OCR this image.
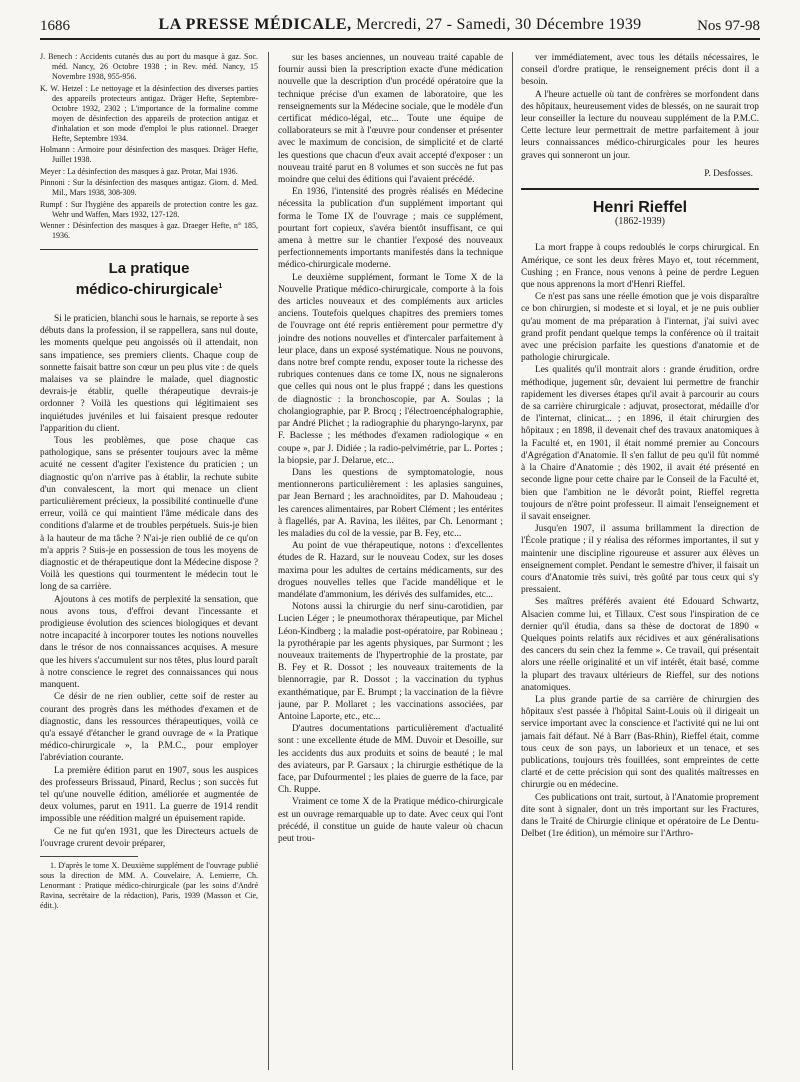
1686	LA PRESSE MÉDICALE, Mercredi, 27 - Samedi, 30 Décembre 1939	Nos 97-98

J. Benech : Accidents cutanés dus au port du masque à gaz. Soc. méd. Nancy, 26 Octobre 1938 ; in Rev. méd. Nancy, 15 Novembre 1938, 955-956.

K. W. Hetzel : Le nettoyage et la désinfection des diverses parties des appareils protecteurs antigaz. Dräger Hefte, Septembre-Octobre 1932, 2302 ; L'importance de la formaline comme moyen de désinfection des appareils de protection antigaz et d'inhalation et son mode d'emploi le plus rationnel. Draeger Hefte, Septembre 1934.

Holmann : Armoire pour désinfection des masques. Dräger Hefte, Juillet 1938.

Meyer : La désinfection des masques à gaz. Protar, Mai 1936.

Pinnoni : Sur la désinfection des masques antigaz. Giorn. d. Med. Mil., Mars 1938, 308-309.

Rumpf : Sur l'hygiène des appareils de protection contre les gaz. Wehr und Waffen, Mars 1932, 127-128.

Wenner : Désinfection des masques à gaz. Draeger Hefte, n° 185, 1936.

La pratique
médico-chirurgicale$^1$

Si le praticien, blanchi sous le harnais, se reporte à ses débuts dans la profession, il se rappellera, sans nul doute, les moments quelque peu angoissés où il attendait, non sans impatience, ses premiers clients. Chaque coup de sonnette faisait battre son cœur un peu plus vite : de quels malaises va se plaindre le malade, quel diagnostic devrais-je établir, quelle thérapeutique devrais-je ordonner ? Voilà les questions qui légitimaient ses inquiétudes juvéniles et lui faisaient presque redouter l'apparition du client.

Tous les problèmes, que pose chaque cas pathologique, sans se présenter toujours avec la même acuité ne cessent d'agiter l'existence du praticien ; un diagnostic qu'on n'arrive pas à établir, la rechute subite d'un convalescent, la mort qui menace un client particulièrement précieux, la possibilité continuelle d'une erreur, voilà ce qui maintient l'âme médicale dans des conditions d'alarme et de troubles perpétuels. Suis-je bien à la hauteur de ma tâche ? N'ai-je rien oublié de ce qu'on m'a appris ? Suis-je en possession de tous les moyens de diagnostic et de thérapeutique dont la Médecine dispose ? Voilà les questions qui tourmentent le médecin tout le long de sa carrière.

Ajoutons à ces motifs de perplexité la sensation, que nous avons tous, d'effroi devant l'incessante et prodigieuse évolution des sciences biologiques et devant notre incapacité à incorporer toutes les notions nouvelles dans le trésor de nos connaissances acquises. A mesure que les hivers s'accumulent sur nos têtes, plus lourd paraît à notre conscience le regret des connaissances qui nous manquent.

Ce désir de ne rien oublier, cette soif de rester au courant des progrès dans les méthodes d'examen et de diagnostic, dans les ressources thérapeutiques, voilà ce qu'a essayé d'étancher le grand ouvrage de « la Pratique médico-chirurgicale », la P.M.C., pour employer l'abréviation courante.

La première édition parut en 1907, sous les auspices des professeurs Brissaud, Pinard, Reclus ; son succès fut tel qu'une nouvelle édition, améliorée et augmentée de deux volumes, parut en 1911. La guerre de 1914 rendit impossible une réédition malgré un épuisement rapide.

Ce ne fut qu'en 1931, que les Directeurs actuels de l'ouvrage crurent devoir préparer,

1. D'après le tome X. Deuxième supplément de l'ouvrage publié sous la direction de MM. A. Couvelaire, A. Lemierre, Ch. Lenormant : Pratique médico-chirurgicale (par les soins d'André Ravina, secrétaire de la rédaction), Paris, 1939 (Masson et Cie, édit.).

sur les bases anciennes, un nouveau traité capable de fournir aussi bien la prescription exacte d'une médication nouvelle que la description d'un procédé opératoire que la technique précise d'un examen de laboratoire, que les renseignements sur la Médecine sociale, que le modèle d'un certificat médico-légal, etc... Toute une équipe de collaborateurs se mit à l'œuvre pour condenser et présenter avec le maximum de concision, de simplicité et de clarté les questions que chacun d'eux avait accepté d'exposer : un nouveau traité parut en 8 volumes et son succès ne fut pas moindre que celui des éditions qui l'avaient précédé.

En 1936, l'intensité des progrès réalisés en Médecine nécessita la publication d'un supplément important qui forma le Tome IX de l'ouvrage ; mais ce supplément, pourtant fort copieux, s'avéra bientôt insuffisant, ce qui amena à mettre sur le chantier l'exposé des nouveaux perfectionnements importants manifestés dans la technique médico-chirurgicale moderne.

Le deuxième supplément, formant le Tome X de la Nouvelle Pratique médico-chirurgicale, comporte à la fois des articles nouveaux et des compléments aux articles anciens. Toutefois quelques chapitres des premiers tomes de l'ouvrage ont été repris entièrement pour permettre d'y joindre des notions nouvelles et d'intercaler parfaitement à leur place, dans un exposé systématique. Nous ne pouvons, dans notre bref compte rendu, exposer toute la richesse des rubriques contenues dans ce tome IX, nous ne signalerons que celles qui nous ont le plus frappé ; dans les questions de diagnostic : la bronchoscopie, par A. Soulas ; la cholangiographie, par P. Brocq ; l'électroencéphalographie, par André Plichet ; la radiographie du pharyngo-larynx, par F. Baclesse ; les méthodes d'examen radiologique « en coupe », par J. Didiée ; la radio-pelvimétrie, par L. Portes ; la biopsie, par J. Delarue, etc...

Dans les questions de symptomatologie, nous mentionnerons particulièrement : les aplasies sanguines, par Jean Bernard ; les arachnoïdites, par D. Mahoudeau ; les carences alimentaires, par Robert Clément ; les entérites à flagellés, par A. Ravina, les iléites, par Ch. Lenormant ; les maladies du col de la vessie, par B. Fey, etc...

Au point de vue thérapeutique, notons : d'excellentes études de R. Hazard, sur le nouveau Codex, sur les doses maxima pour les adultes de certains médicaments, sur des drogues nouvelles telles que l'acide mandélique et le mandélate d'ammonium, les dérivés des sulfamides, etc...

Notons aussi la chirurgie du nerf sinu-carotidien, par Lucien Léger ; le pneumothorax thérapeutique, par Michel Léon-Kindberg ; la maladie post-opératoire, par Robineau ; la pyrothérapie par les agents physiques, par Surmont ; les nouveaux traitements de l'hypertrophie de la prostate, par B. Fey et R. Dossot ; les nouveaux traitements de la blennorragie, par R. Dossot ; la vaccination du typhus exanthématique, par E. Brumpt ; la vaccination de la fièvre jaune, par P. Mollaret ; les vaccinations associées, par Antoine Laporte, etc., etc...

D'autres documentations particulièrement d'actualité sont : une excellente étude de MM. Duvoir et Desoille, sur les accidents dus aux produits et soins de beauté ; le mal des aviateurs, par P. Garsaux ; la chirurgie esthétique de la face, par Dufourmentel ; les plaies de guerre de la face, par Ch. Ruppe.

Vraiment ce tome X de la Pratique médico-chirurgicale est un ouvrage remarquable up to date. Avec ceux qui l'ont précédé, il constitue un guide de haute valeur où chacun peut trou-

ver immédiatement, avec tous les détails nécessaires, le conseil d'ordre pratique, le renseignement précis dont il a besoin.

A l'heure actuelle où tant de confrères se morfondent dans des hôpitaux, heureusement vides de blessés, on ne saurait trop leur conseiller la lecture du nouveau supplément de la P.M.C. Cette lecture leur permettrait de mettre parfaitement à jour leurs connaissances médico-chirurgicales pour les heures graves qui sonneront un jour.

P. Desfosses.

Henri Rieffel
(1862-1939)

La mort frappe à coups redoublés le corps chirurgical. En Amérique, ce sont les deux frères Mayo et, tout récemment, Cushing ; en France, nous venons à peine de perdre Leguen que nous apprenons la mort d'Henri Rieffel.

Ce n'est pas sans une réelle émotion que je vois disparaître ce bon chirurgien, si modeste et si loyal, et je ne puis oublier qu'au moment de ma préparation à l'internat, j'ai suivi avec grand profit pendant quelque temps la conférence où il traitait avec une précision parfaite les questions d'anatomie et de pathologie chirurgicale.

Les qualités qu'il montrait alors : grande érudition, ordre méthodique, jugement sûr, devaient lui permettre de franchir rapidement les diverses étapes qu'il avait à parcourir au cours de sa carrière chirurgicale : adjuvat, prosectorat, médaille d'or de l'internat, clinicat... ; en 1896, il était chirurgien des hôpitaux ; en 1898, il devenait chef des travaux anatomiques à la Faculté et, en 1901, il était nommé premier au Concours d'Agrégation d'Anatomie. Il s'en fallut de peu qu'il fût nommé à la Chaire d'Anatomie ; dès 1902, il avait été présenté en seconde ligne pour cette chaire par le Conseil de la Faculté et, bien que l'ambition ne le dévorât point, Rieffel regretta toujours de n'être point professeur. Il aimait l'enseignement et il savait enseigner.

Jusqu'en 1907, il assuma brillamment la direction de l'École pratique ; il y réalisa des réformes importantes, il sut y maintenir une discipline rigoureuse et assurer aux élèves un enseignement complet. Pendant le semestre d'hiver, il faisait un cours d'Anatomie très suivi, très goûté par tous ceux qui s'y pressaient.

Ses maîtres préférés avaient été Edouard Schwartz, Alsacien comme lui, et Tillaux. C'est sous l'inspiration de ce dernier qu'il étudia, dans sa thèse de doctorat de 1890 « Quelques points relatifs aux récidives et aux généralisations des cancers du sein chez la femme ». Ce travail, qui présentait alors une réelle originalité et un vif intérêt, était basé, comme la plupart des travaux ultérieurs de Rieffel, sur des notions anatomiques.

La plus grande partie de sa carrière de chirurgien des hôpitaux s'est passée à l'hôpital Saint-Louis où il dirigeait un service important avec la conscience et l'activité qui ne lui ont jamais fait défaut. Né à Barr (Bas-Rhin), Rieffel était, comme tous ceux de son pays, un laborieux et un tenace, et ses publications, toujours très fouillées, sont empreintes de cette clarté et de cette précision qui sont des qualités maîtresses en chirurgie ou en médecine.

Ces publications ont trait, surtout, à l'Anatomie proprement dite sont à signaler, dont un très important sur les Fractures, dans le Traité de Chirurgie clinique et opératoire de Le Dentu-Delbet (1re édition), un mémoire sur l'Arthro-
